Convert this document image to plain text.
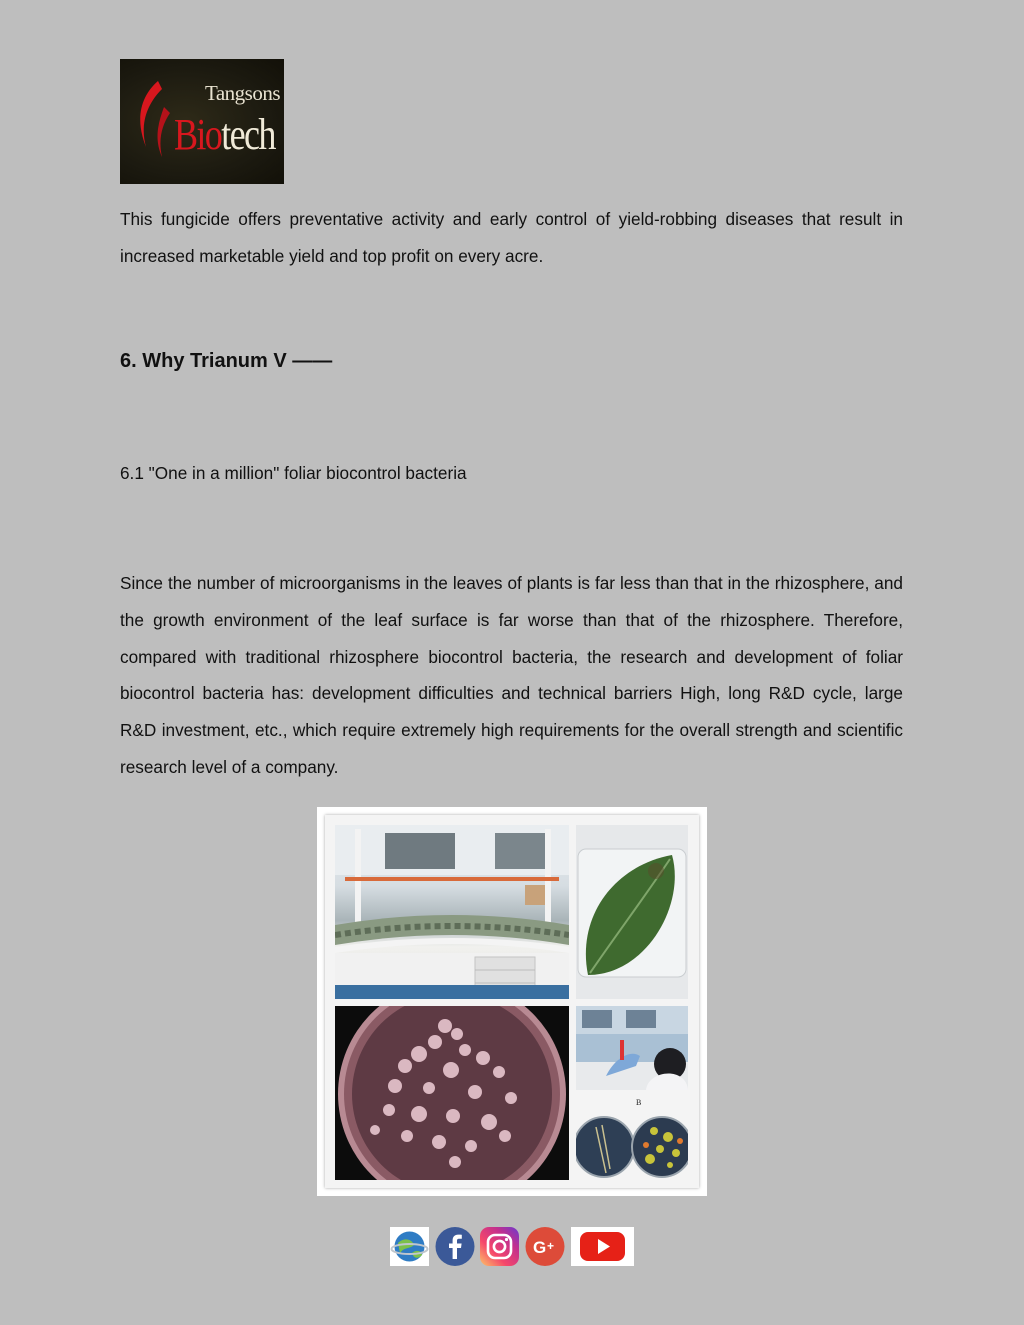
Tangsons
Biotech

This fungicide offers preventative activity and early control of yield-robbing diseases that result in increased marketable yield and top profit on every acre.

6. Why Trianum V ——

6.1 "One in a million" foliar biocontrol bacteria

Since the number of microorganisms in the leaves of plants is far less than that in the rhizosphere, and the growth environment of the leaf surface is far worse than that of the rhizosphere. Therefore, compared with traditional rhizosphere biocontrol bacteria, the research and development of foliar biocontrol bacteria has: development difficulties and technical barriers High, long R&D cycle, large R&D investment, etc., which require extremely high requirements for the overall strength and scientific research level of a company.

B
G +
